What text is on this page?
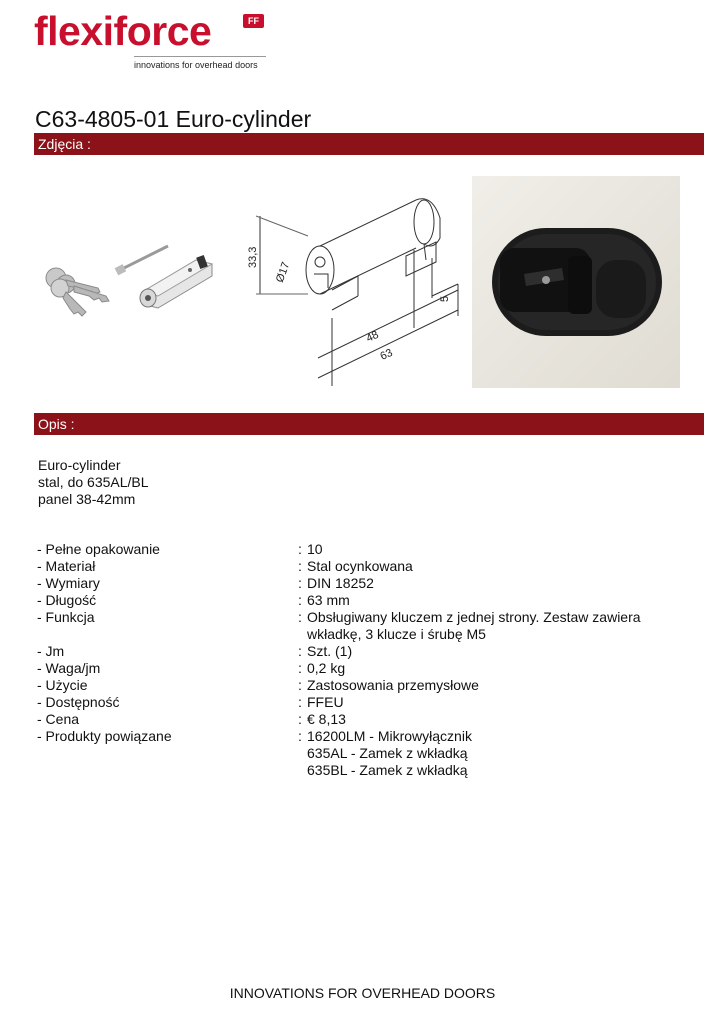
flexiforce	FF
innovations for overhead doors
C63-4805-01 Euro-cylinder
Zdjęcia :
33,3
Ø17
5
48
63
Opis :
Euro-cylinder
stal, do 635AL/BL
panel 38-42mm
- Pełne opakowanie	: 10
- Materiał	: Stal ocynkowana
- Wymiary	: DIN 18252
- Długość	: 63 mm
- Funkcja	: Obsługiwany kluczem z jednej strony. Zestaw zawiera
wkładkę, 3 klucze i śrubę M5
- Jm	: Szt. (1)
- Waga/jm	: 0,2 kg
- Użycie	: Zastosowania przemysłowe
- Dostępność	: FFEU
- Cena	: € 8,13
- Produkty powiązane	: 16200LM - Mikrowyłącznik
635AL - Zamek z wkładką
635BL - Zamek z wkładką
INNOVATIONS FOR OVERHEAD DOORS
